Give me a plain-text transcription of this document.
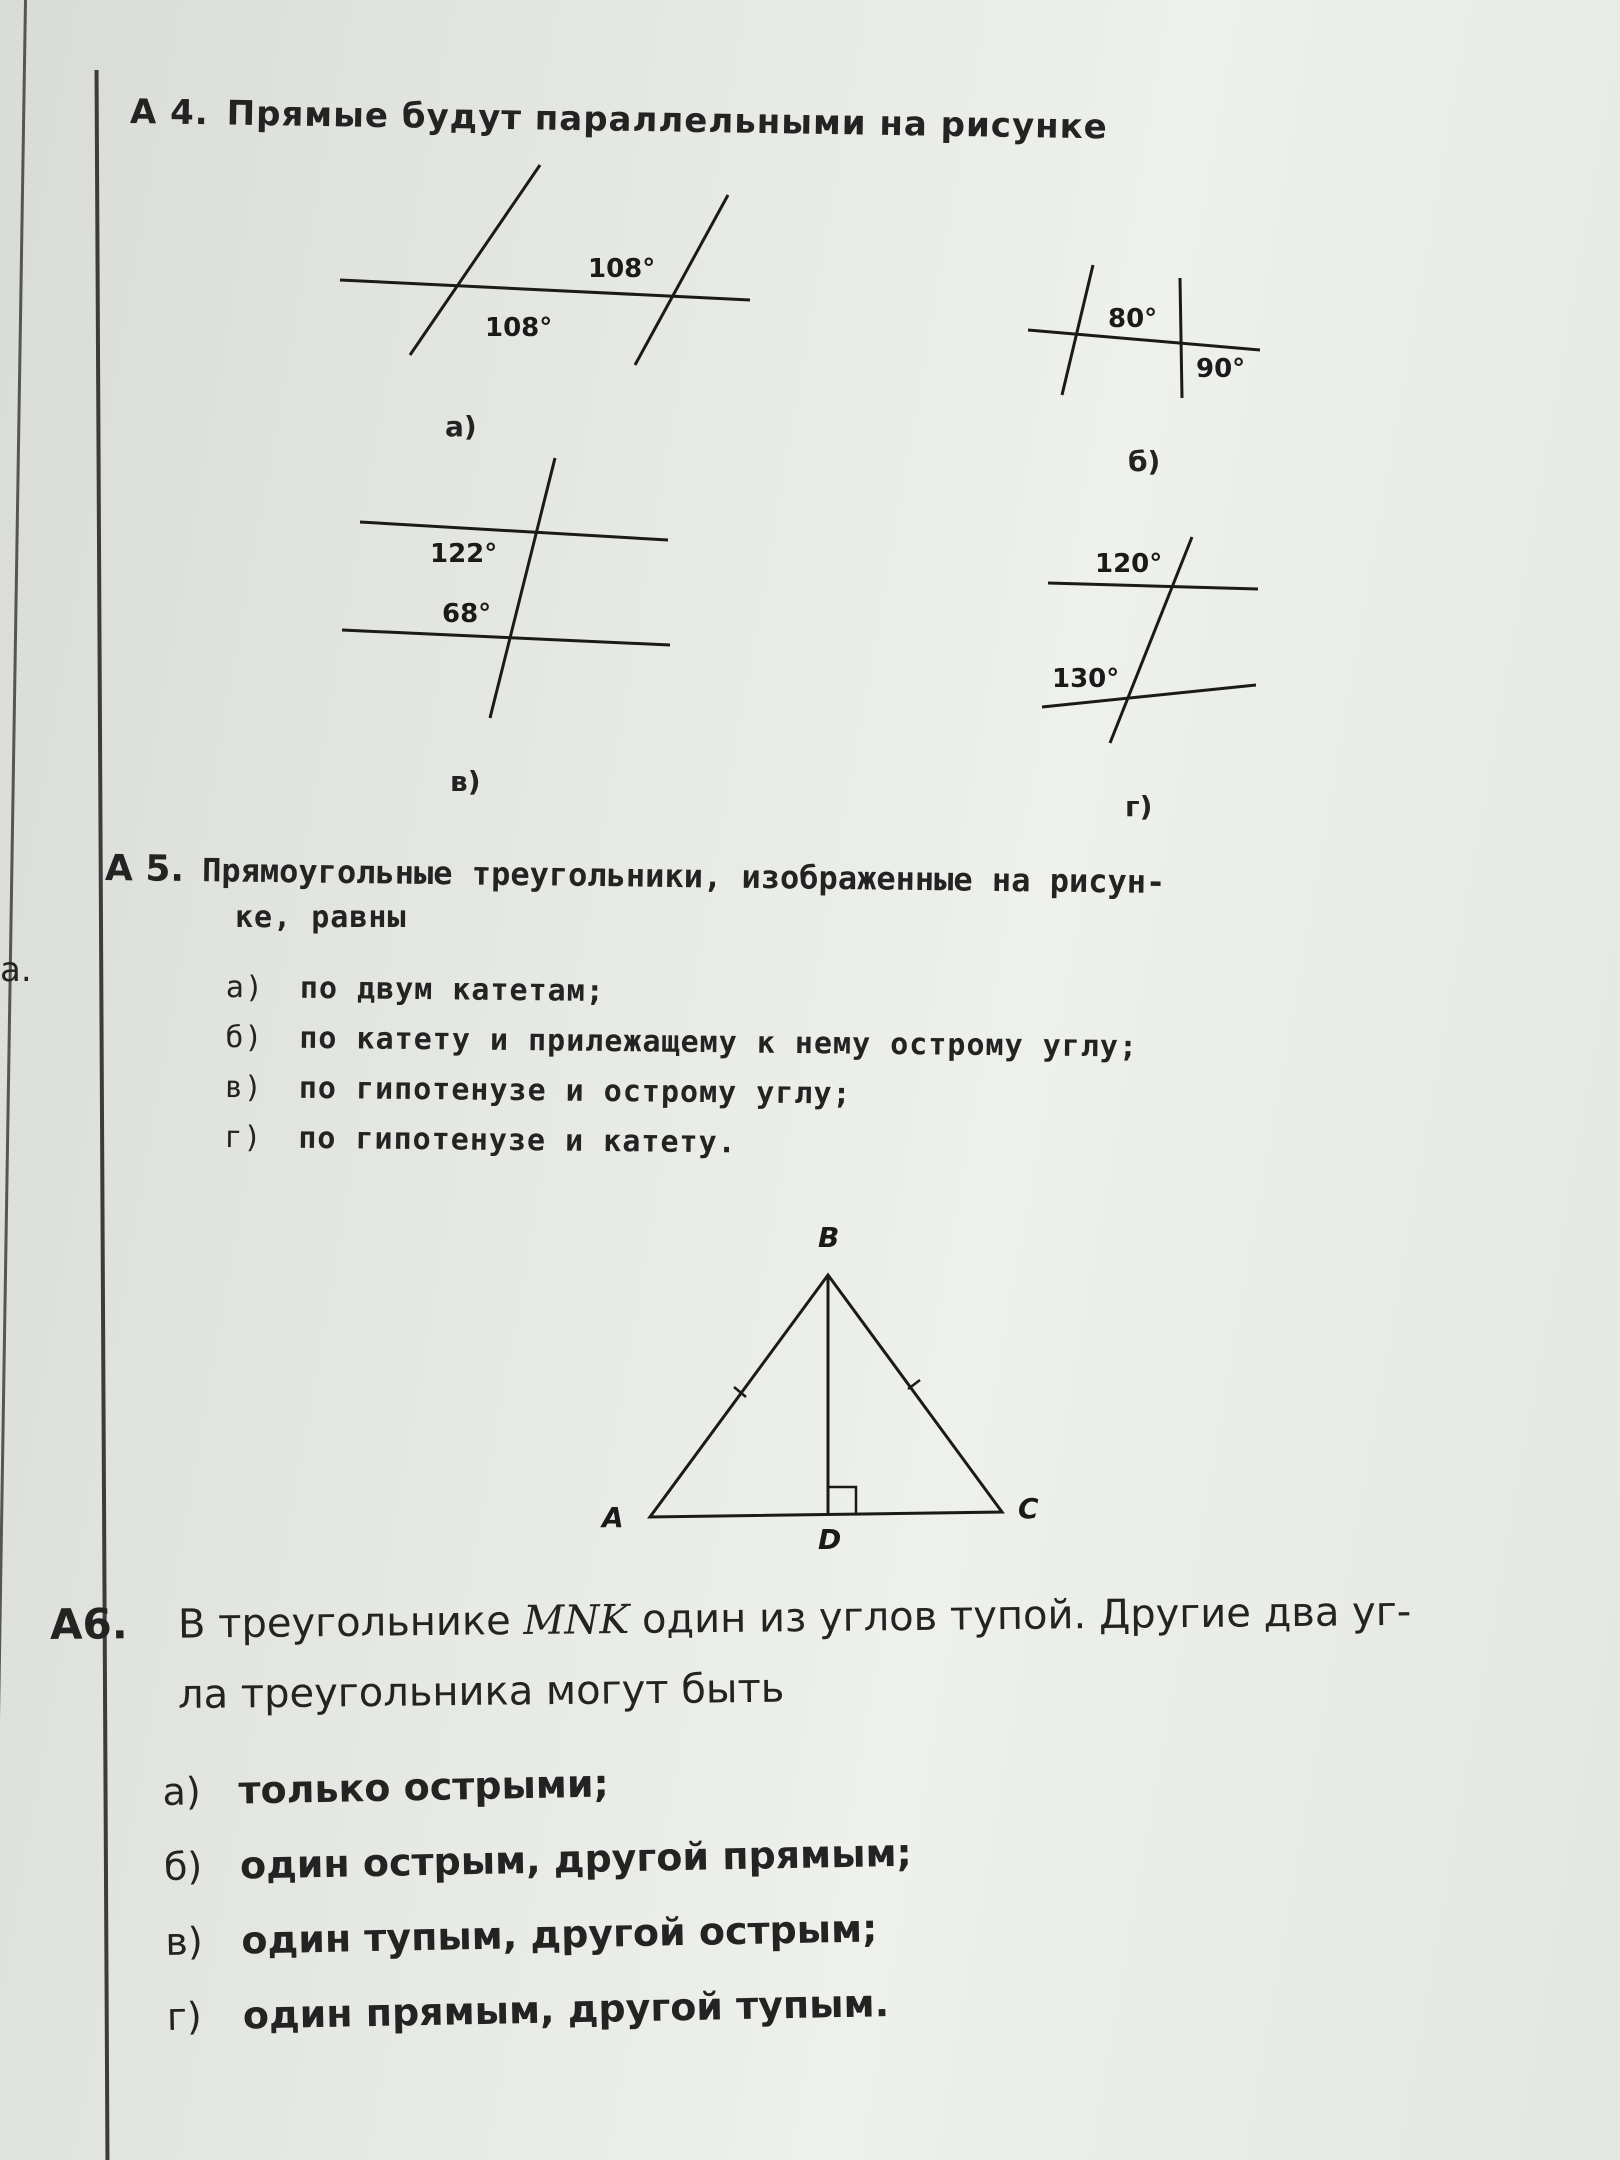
а.
А 4. Прямые будут параллельными на рисунке
108°
108°
а)
80°
90°
б)
122°
68°
в)
120°
130°
г)
А 5. Прямоугольные треугольники, изображенные на рисун-
ке, равны
а) по двум катетам;
б) по катету и прилежащему к нему острому углу;
в) по гипотенузе и острому углу;
г) по гипотенузе и катету.
B
A	C
D
А6. В треугольнике MNK один из углов тупой. Другие два уг-
ла треугольника могут быть
а) только острыми;
б) один острым, другой прямым;
в) один тупым, другой острым;
г) один прямым, другой тупым.
